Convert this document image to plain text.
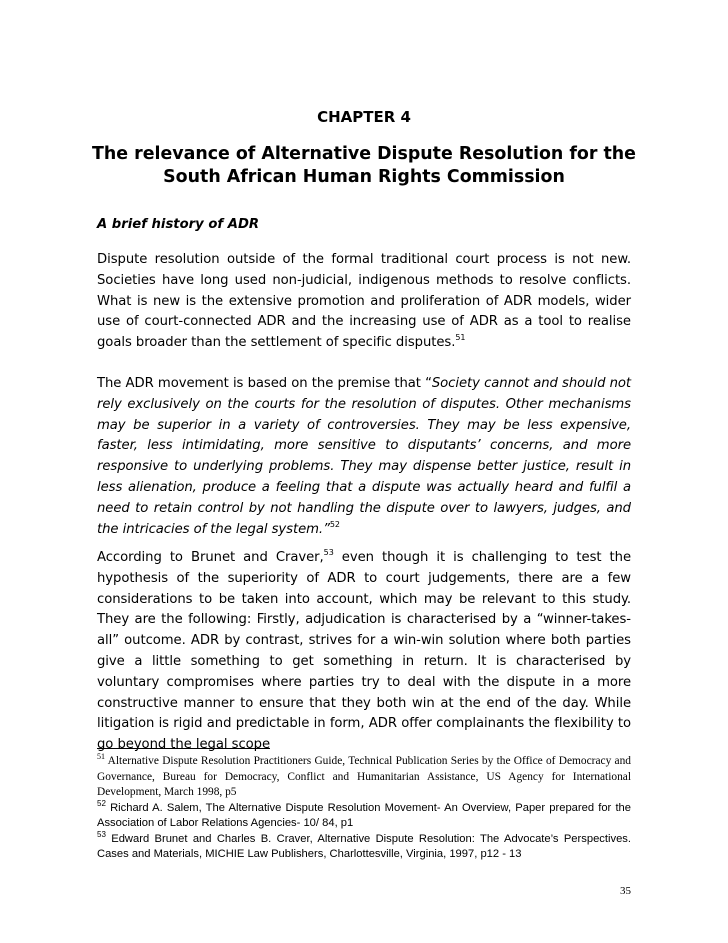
CHAPTER 4
The relevance of Alternative Dispute Resolution for the South African Human Rights Commission
A brief history of ADR

Dispute resolution outside of the formal traditional court process is not new. Societies have long used non-judicial, indigenous methods to resolve conflicts. What is new is the extensive promotion and proliferation of ADR models, wider use of court-connected ADR and the increasing use of ADR as a tool to realise goals broader than the settlement of specific disputes.$^{51}$

The ADR movement is based on the premise that “Society cannot and should not rely exclusively on the courts for the resolution of disputes. Other mechanisms may be superior in a variety of controversies. They may be less expensive, faster, less intimidating, more sensitive to disputants’ concerns, and more responsive to underlying problems. They may dispense better justice, result in less alienation, produce a feeling that a dispute was actually heard and fulfil a need to retain control by not handling the dispute over to lawyers, judges, and the intricacies of the legal system.”$^{52}$

According to Brunet and Craver,$^{53}$ even though it is challenging to test the hypothesis of the superiority of ADR to court judgements, there are a few considerations to be taken into account, which may be relevant to this study. They are the following: Firstly, adjudication is characterised by a “winner-takes-all” outcome. ADR by contrast, strives for a win-win solution where both parties give a little something to get something in return. It is characterised by voluntary compromises where parties try to deal with the dispute in a more constructive manner to ensure that they both win at the end of the day. While litigation is rigid and predictable in form, ADR offer complainants the flexibility to go beyond the legal scope

$^{51}$ Alternative Dispute Resolution Practitioners Guide, Technical Publication Series by the Office of Democracy and Governance, Bureau for Democracy, Conflict and Humanitarian Assistance, US Agency for International Development, March 1998, p5

$^{52}$ Richard A. Salem, The Alternative Dispute Resolution Movement- An Overview, Paper prepared for the Association of Labor Relations Agencies- 10/ 84, p1

$^{53}$ Edward Brunet and Charles B. Craver, Alternative Dispute Resolution: The Advocate’s Perspectives. Cases and Materials, MICHIE Law Publishers, Charlottesville, Virginia, 1997, p12 - 13

35
